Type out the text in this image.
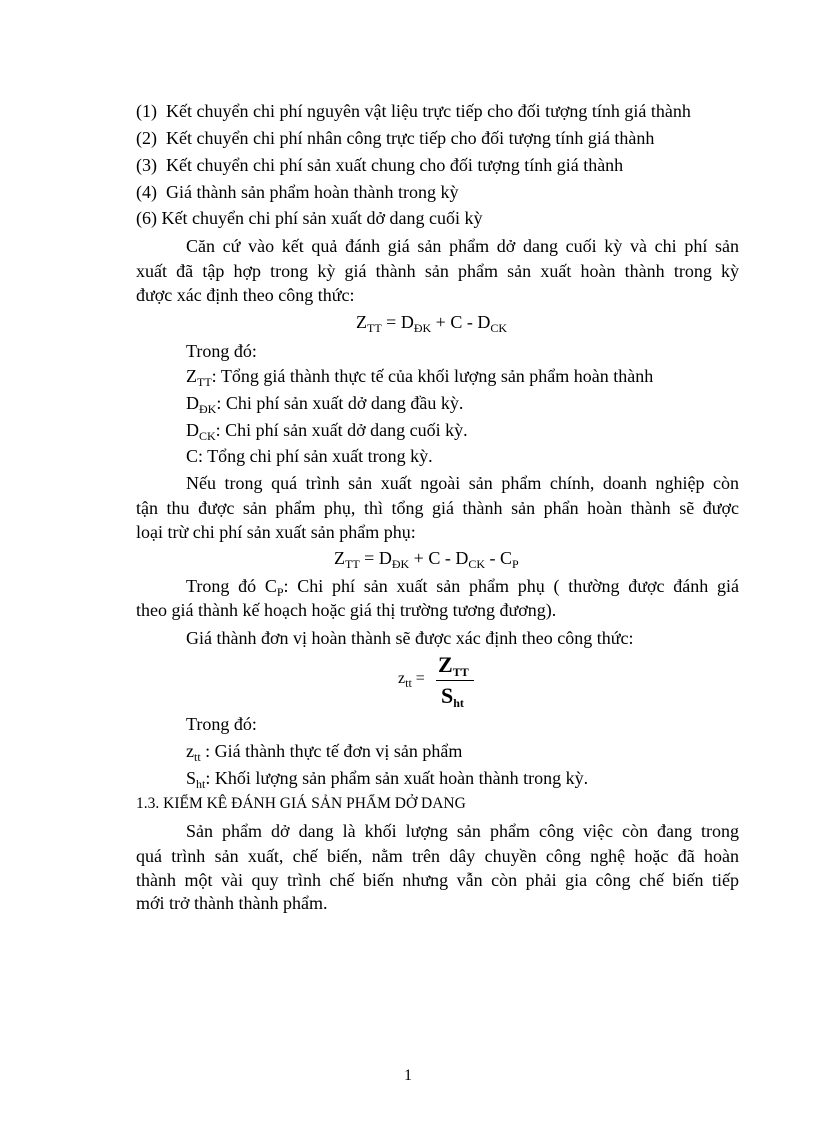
(1) Kết chuyển chi phí nguyên vật liệu trực tiếp cho đối tượng tính giá thành
(2) Kết chuyển chi phí nhân công trực tiếp cho đối tượng tính giá thành
(3) Kết chuyển chi phí sản xuất chung cho đối tượng tính giá thành
(4) Giá thành sản phẩm hoàn thành trong kỳ
(6) Kết chuyển chi phí sản xuất dở dang cuối kỳ
Căn cứ vào kết quả đánh giá sản phẩm dở dang cuối kỳ và chi phí sản
xuất đã tập hợp trong kỳ giá thành sản phẩm sản xuất hoàn thành trong kỳ
được xác định theo công thức:
$Z_{TT} = D_{ĐK} + C - D_{CK}$
Trong đó:
$Z_{TT}$: Tổng giá thành thực tế của khối lượng sản phẩm hoàn thành
$D_{ĐK}$: Chi phí sản xuất dở dang đầu kỳ.
$D_{CK}$: Chi phí sản xuất dở dang cuối kỳ.
C: Tổng chi phí sản xuất trong kỳ.
Nếu trong quá trình sản xuất ngoài sản phẩm chính, doanh nghiệp còn
tận thu được sản phẩm phụ, thì tổng giá thành sản phẩn hoàn thành sẽ được
loại trừ chi phí sản xuất sản phẩm phụ:
$Z_{TT} = D_{ĐK} + C - D_{CK} - C_P$
Trong đó $C_P$: Chi phí sản xuất sản phẩm phụ ( thường được đánh giá
theo giá thành kế hoạch hoặc giá thị trường tương đương).
Giá thành đơn vị hoàn thành sẽ được xác định theo công thức:
$z_{tt}$ =
$Z_{TT}$
$S_{ht}$
Trong đó:
$z_{tt}$ : Giá thành thực tế đơn vị sản phẩm
$S_{ht}$: Khối lượng sản phẩm sản xuất hoàn thành trong kỳ.
1.3. KIỂM KÊ ĐÁNH GIÁ SẢN PHẨM DỞ DANG
Sản phẩm dở dang là khối lượng sản phẩm công việc còn đang trong
quá trình sản xuất, chế biến, nằm trên dây chuyền công nghệ hoặc đã hoàn
thành một vài quy trình chế biến nhưng vẫn còn phải gia công chế biến tiếp
mới trở thành thành phẩm.
1
